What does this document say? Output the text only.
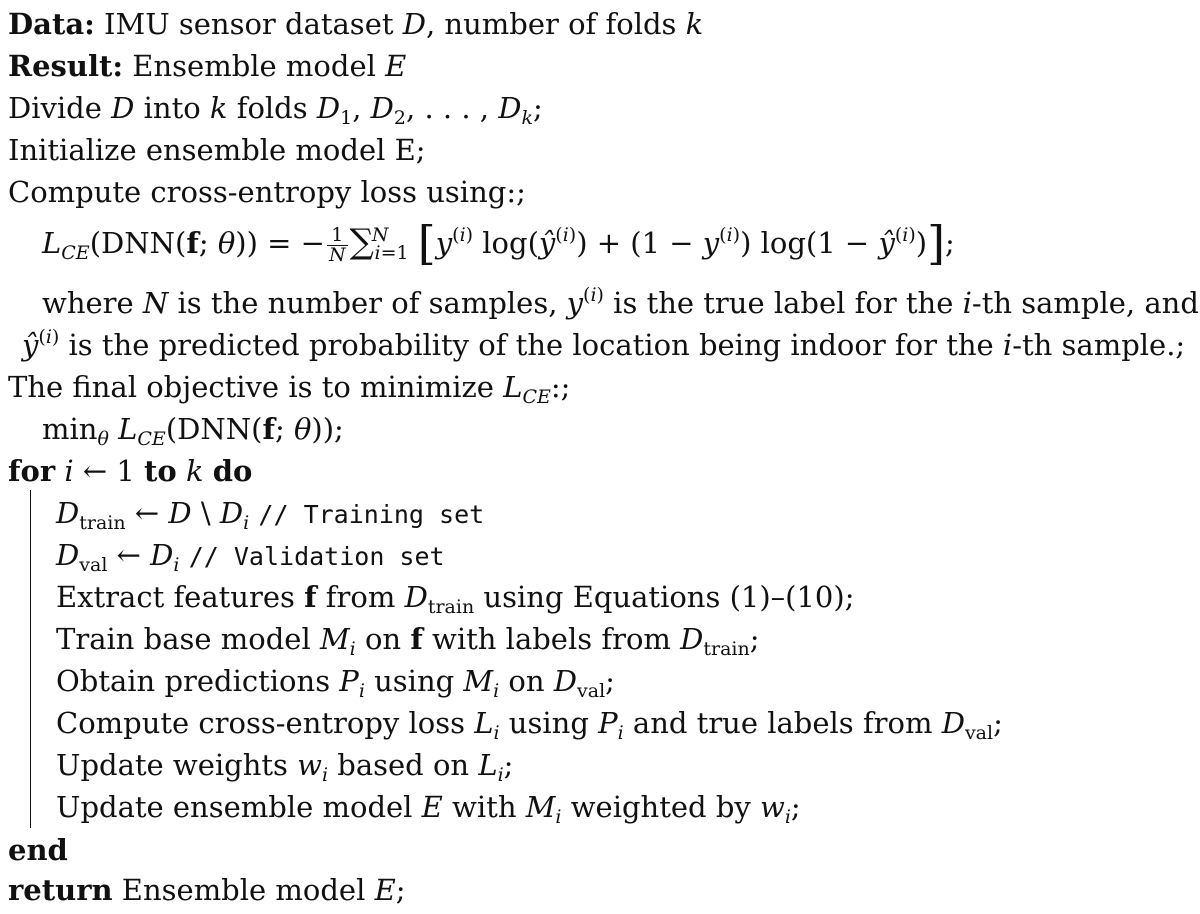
Data: IMU sensor dataset D, number of folds k
Result: Ensemble model E
Divide D into k folds $D_1$, $D_2$, . . . , $D_k$;
Initialize ensemble model E;
Compute cross-entropy loss using:;
$L_{CE}(DNN(f$; θ)) = − $\frac{1}{N} \sum^N_{i=1}$ [$y^{(i)}$ $\log(ŷ^{(i)}) + (1 - y^{(i)}) \log(1$ − $ŷ^{(i)}$)];
where N is the number of samples, $y^{(i)}$ is the true label for the i-th sample, and
$ŷ^{(i)}$ is the predicted probability of the location being indoor for the i-th sample.;
The final objective is to minimize $L_{CE}$:;
$\min_\theta L_{CE}(DNN(f$; θ));
for i ← 1 to k do
$D_{train}$ ← D \ $D_i$ // Training set
$D_{val}$ ← $D_i$ // Validation set
Extract features f from $D_{train}$ using Equations (1)–(10);
Train base model $M_i$ on f with labels from $D_{train}$;
Obtain predictions $P_i$ using $M_i$ on $D_{val}$;
Compute cross-entropy loss $L_i$ using $P_i$ and true labels from $D_{val}$;
Update weights $w_i$ based on $L_i$;
Update ensemble model E with $M_i$ weighted by $w_i$;
end
return Ensemble model E;
